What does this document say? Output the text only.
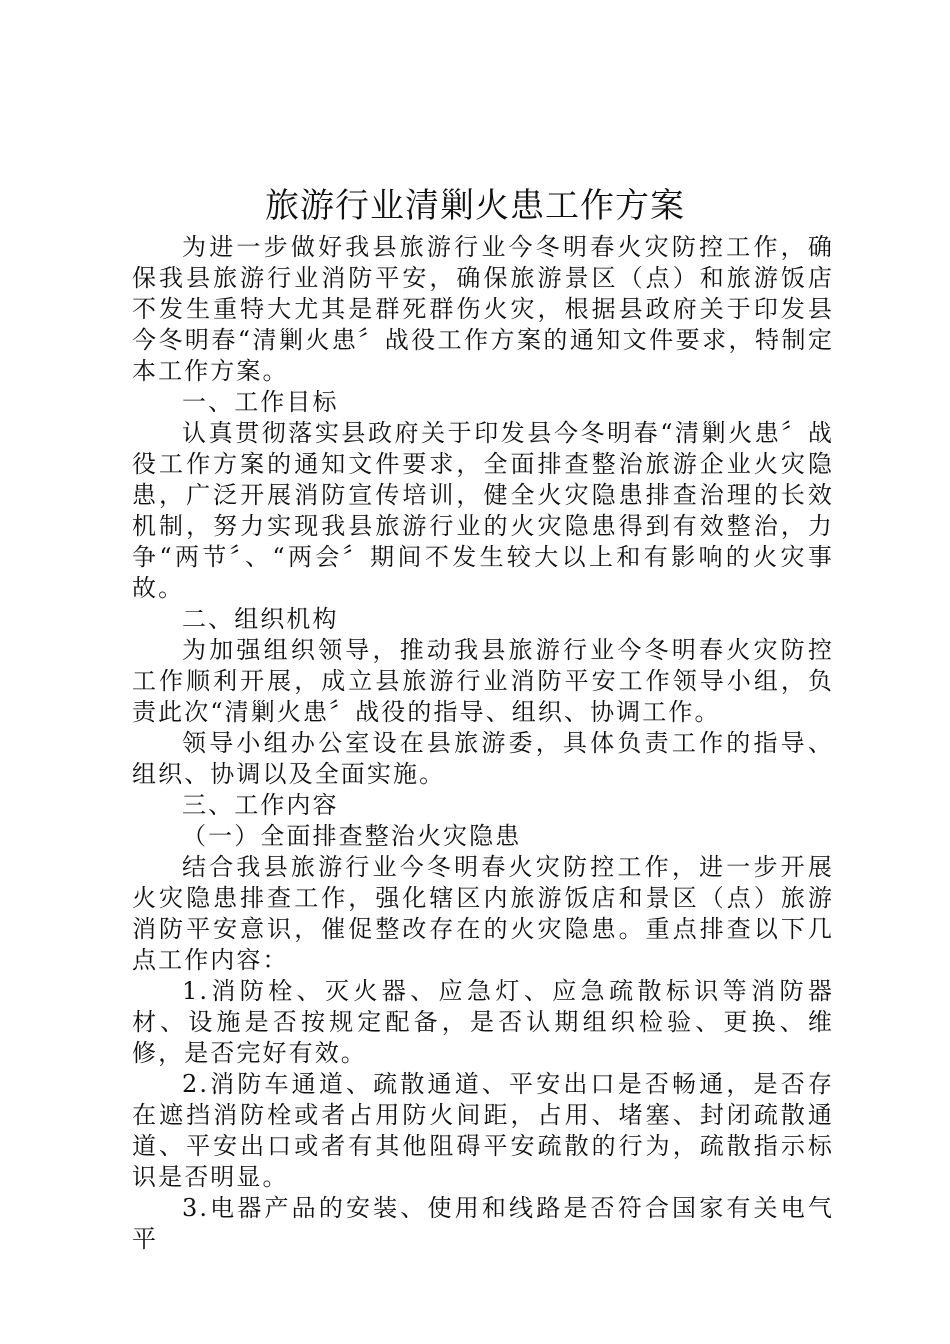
旅游行业清剿火患工作方案

为进一步做好我县旅游行业今冬明春火灾防控工作，确保我县旅游行业消防平安，确保旅游景区（点）和旅游饭店不发生重特大尤其是群死群伤火灾，根据县政府关于印发县今冬明春“清剿火患〞战役工作方案的通知文件要求，特制定本工作方案。

一、工作目标

认真贯彻落实县政府关于印发县今冬明春“清剿火患〞战役工作方案的通知文件要求，全面排查整治旅游企业火灾隐患，广泛开展消防宣传培训，健全火灾隐患排查治理的长效机制，努力实现我县旅游行业的火灾隐患得到有效整治，力争“两节〞、“两会〞期间不发生较大以上和有影响的火灾事故。

二、组织机构

为加强组织领导，推动我县旅游行业今冬明春火灾防控工作顺利开展，成立县旅游行业消防平安工作领导小组，负责此次“清剿火患〞战役的指导、组织、协调工作。

领导小组办公室设在县旅游委，具体负责工作的指导、组织、协调以及全面实施。

三、工作内容

（一）全面排查整治火灾隐患

结合我县旅游行业今冬明春火灾防控工作，进一步开展火灾隐患排查工作，强化辖区内旅游饭店和景区（点）旅游消防平安意识，催促整改存在的火灾隐患。重点排查以下几点工作内容：

1.消防栓、灭火器、应急灯、应急疏散标识等消防器材、设施是否按规定配备，是否认期组织检验、更换、维修，是否完好有效。

2.消防车通道、疏散通道、平安出口是否畅通，是否存在遮挡消防栓或者占用防火间距，占用、堵塞、封闭疏散通道、平安出口或者有其他阻碍平安疏散的行为，疏散指示标识是否明显。

3.电器产品的安装、使用和线路是否符合国家有关电气平
